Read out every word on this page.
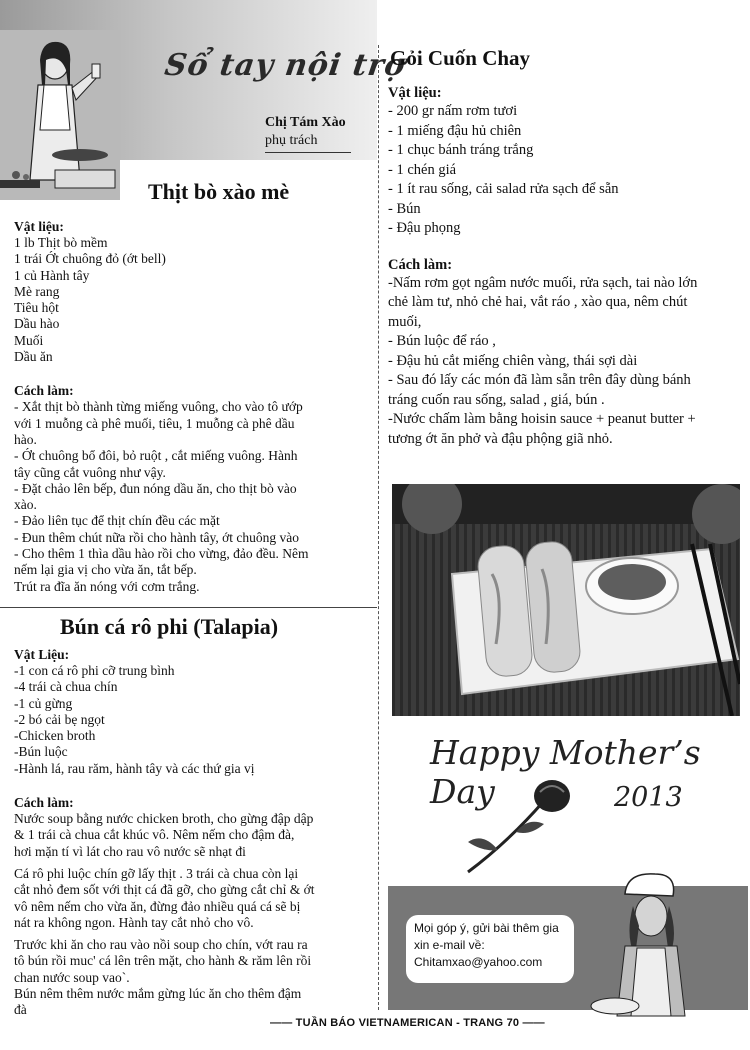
Sổ tay nội trợ
Chị Tám Xào
phụ trách
Thịt bò xào mè
Vật liệu:
1 lb Thịt bò mềm
1 trái Ớt chuông đỏ (ớt bell)
1 củ Hành tây
Mè rang
Tiêu hột
Dầu hào
Muối
Dầu ăn
Cách làm:
- Xắt thịt bò thành từng miếng vuông, cho vào tô ướp
với 1 muỗng cà phê muối, tiêu, 1 muỗng cà phê dầu
hào.
- Ớt chuông bổ đôi, bỏ ruột , cắt miếng vuông. Hành
tây cũng cắt vuông như vậy.
- Đặt chảo lên bếp, đun nóng dầu ăn, cho thịt bò vào
xào.
- Đảo liên tục để thịt chín đều các mặt
- Đun thêm chút nữa rồi cho hành tây, ớt chuông vào
- Cho thêm 1 thìa dầu hào rồi cho vừng, đảo đều. Nêm
nếm lại gia vị cho vừa ăn, tắt bếp.
Trút ra đĩa ăn nóng với cơm trắng.
Bún cá rô phi (Talapia)
Vật Liệu:
-1 con cá rô phi cỡ trung bình
-4 trái cà chua chín
-1 củ gừng
-2 bó cải bẹ ngọt
-Chicken broth
-Bún luộc
-Hành lá, rau răm, hành tây và các thứ gia vị
Cách làm:
Nước soup bằng nước chicken broth, cho gừng đập dập
& 1 trái cà chua cắt khúc vô. Nêm nếm cho đậm đà,
hơi mặn tí vì lát cho rau vô nước sẽ nhạt đi
Cá rô phi luộc chín gỡ lấy thịt . 3 trái cà chua còn lại
cắt nhỏ đem sốt với thịt cá đã gỡ, cho gừng cắt chỉ & ớt
vô nêm nếm cho vừa ăn, đừng đảo nhiều quá cá sẽ bị
nát ra không ngon. Hành tay cắt nhỏ cho vô.
Trước khi ăn cho rau vào nồi soup cho chín, vớt rau ra
tô bún rồi muc' cá lên trên mặt, cho hành & răm lên rồi
chan nước soup vao`.
Bún nêm thêm nước mắm gừng lúc ăn cho thêm đậm
đà
Gỏi Cuốn Chay
Vật liệu:
- 200 gr nấm rơm tươi
- 1 miếng đậu hủ chiên
- 1 chục bánh tráng trắng
- 1 chén giá
- 1 ít rau sống, cải salad rửa sạch để sẵn
- Bún
- Đậu phọng
Cách làm:
-Nấm rơm gọt ngâm nước muối, rửa sạch, tai nào lớn
chẻ làm tư, nhỏ chẻ hai, vắt ráo , xào qua, nêm chút
muối,
- Bún luộc để ráo ,
- Đậu hủ cắt miếng chiên vàng, thái sợi dài
- Sau đó lấy các món đã làm sẵn trên đây dùng bánh
tráng cuốn rau sống, salad , giá, bún .
-Nước chấm làm bằng hoisin sauce + peanut butter +
tương ớt ăn phở và đậu phộng giã nhỏ.
Happy Mother’s Day	2013
Mọi góp ý, gửi bài thêm gia
xin e-mail về:
Chitamxao@yahoo.com
—— TUẦN BÁO VIETNAMERICAN - TRANG 70 ——
